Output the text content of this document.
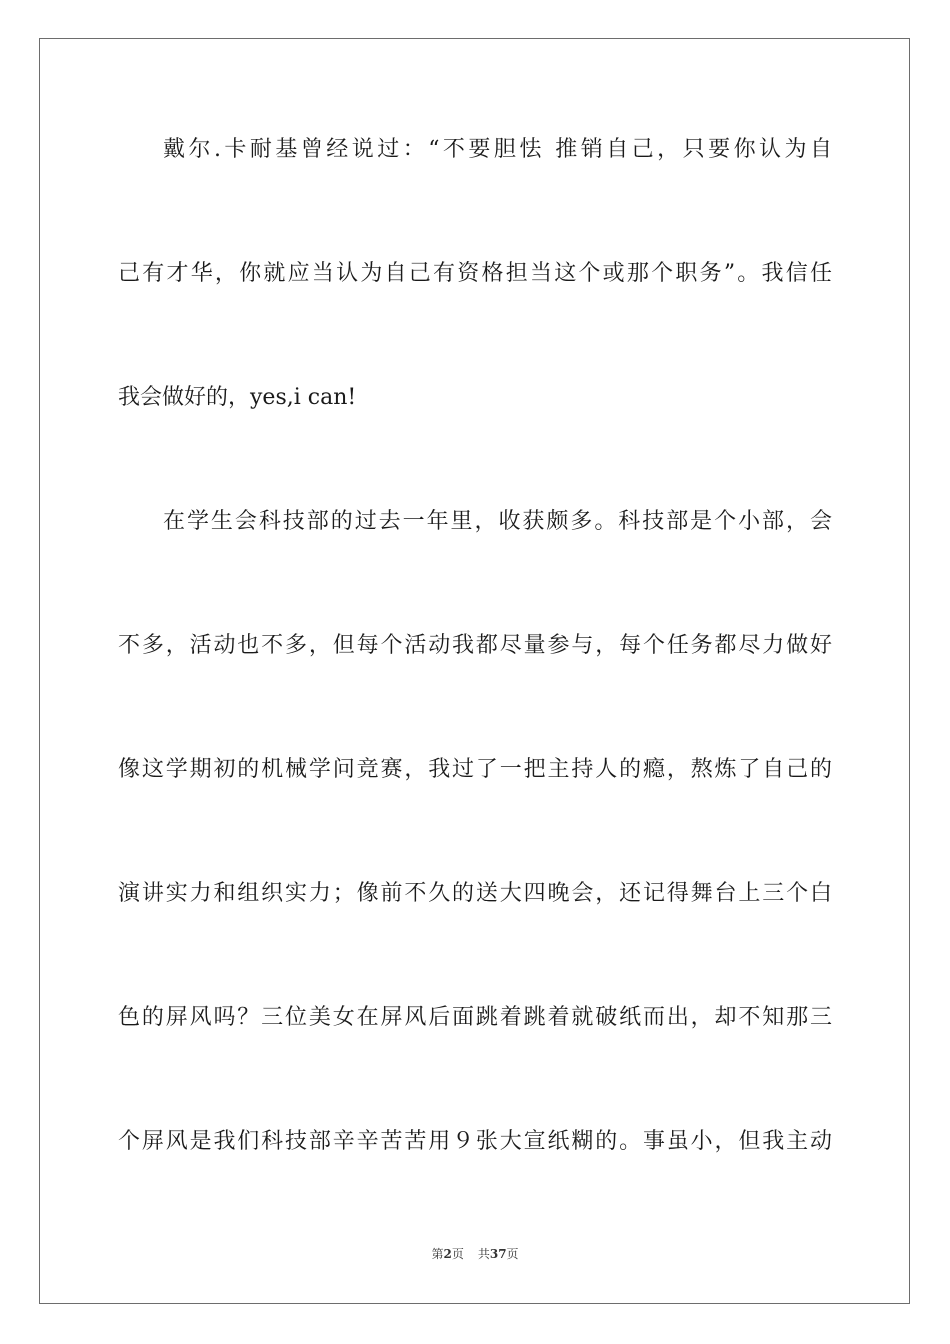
戴尔.卡耐基曾经说过：“不要胆怯 推销自己，只要你认为自
己有才华，你就应当认为自己有资格担当这个或那个职务”。我信任
我会做好的，yes,i can!
在学生会科技部的过去一年里，收获颇多。科技部是个小部，会
不多，活动也不多，但每个活动我都尽量参与，每个任务都尽力做好
像这学期初的机械学问竞赛，我过了一把主持人的瘾，熬炼了自己的
演讲实力和组织实力；像前不久的送大四晚会，还记得舞台上三个白
色的屏风吗？三位美女在屏风后面跳着跳着就破纸而出，却不知那三
个屏风是我们科技部辛辛苦苦用９张大宣纸糊的。事虽小，但我主动
第2页 共37页
